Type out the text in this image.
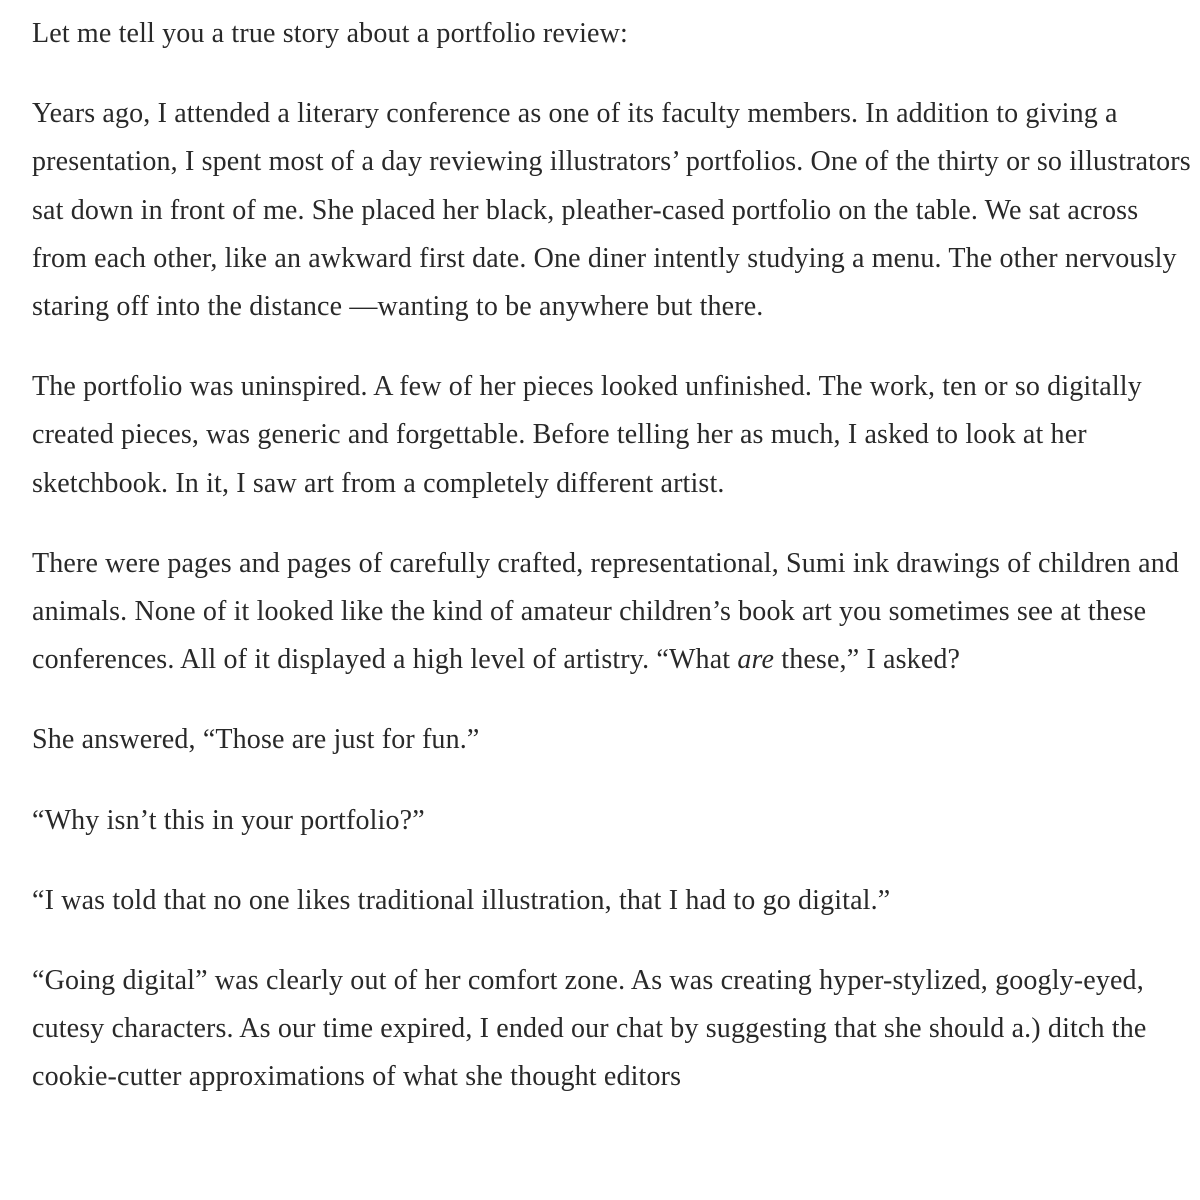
Let me tell you a true story about a portfolio review:

Years ago, I attended a literary conference as one of its faculty members. In addition to giving a presentation, I spent most of a day reviewing illustrators’ portfolios. One of the thirty or so illustrators sat down in front of me. She placed her black, pleather-cased portfolio on the table. We sat across from each other, like an awkward first date. One diner intently studying a menu. The other nervously staring off into the distance —wanting to be anywhere but there.

The portfolio was uninspired. A few of her pieces looked unfinished. The work, ten or so digitally created pieces, was generic and forgettable. Before telling her as much, I asked to look at her sketchbook. In it, I saw art from a completely different artist.

There were pages and pages of carefully crafted, representational, Sumi ink drawings of children and animals. None of it looked like the kind of amateur children’s book art you sometimes see at these conferences. All of it displayed a high level of artistry. “What are these,” I asked?

She answered, “Those are just for fun.”

“Why isn’t this in your portfolio?”

“I was told that no one likes traditional illustration, that I had to go digital.”

“Going digital” was clearly out of her comfort zone. As was creating hyper-stylized, googly-eyed, cutesy characters. As our time expired, I ended our chat by suggesting that she should a.) ditch the cookie-cutter approximations of what she thought editors
